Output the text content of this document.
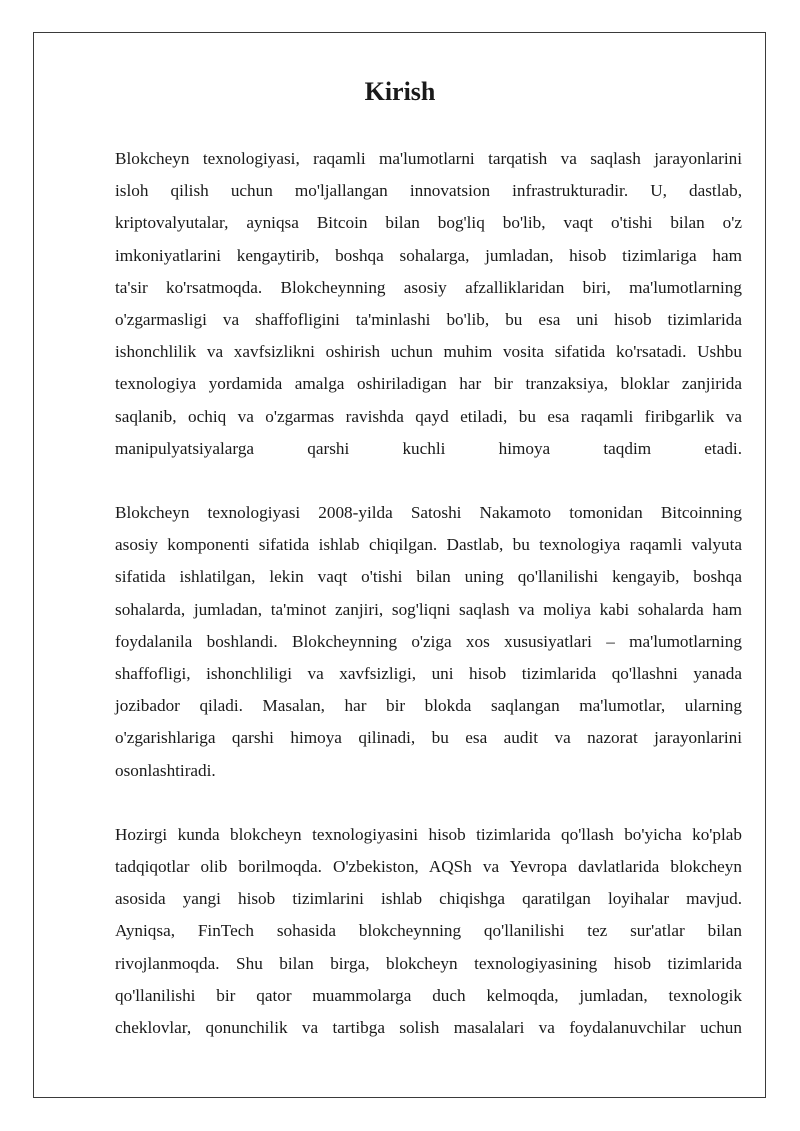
Kirish
Blokcheyn texnologiyasi, raqamli ma'lumotlarni tarqatish va saqlash jarayonlarini
isloh qilish uchun mo'ljallangan innovatsion infrastrukturadir. U, dastlab,
kriptovalyutalar, ayniqsa Bitcoin bilan bog'liq bo'lib, vaqt o'tishi bilan o'z
imkoniyatlarini kengaytirib, boshqa sohalarga, jumladan, hisob tizimlariga ham
ta'sir ko'rsatmoqda. Blokcheynning asosiy afzalliklaridan biri, ma'lumotlarning
o'zgarmasligi va shaffofligini ta'minlashi bo'lib, bu esa uni hisob tizimlarida
ishonchlilik va xavfsizlikni oshirish uchun muhim vosita sifatida ko'rsatadi. Ushbu
texnologiya yordamida amalga oshiriladigan har bir tranzaksiya, bloklar zanjirida
saqlanib, ochiq va o'zgarmas ravishda qayd etiladi, bu esa raqamli firibgarlik va
manipulyatsiyalarga qarshi kuchli himoya taqdim etadi.
Blokcheyn texnologiyasi 2008-yilda Satoshi Nakamoto tomonidan Bitcoinning
asosiy komponenti sifatida ishlab chiqilgan. Dastlab, bu texnologiya raqamli valyuta
sifatida ishlatilgan, lekin vaqt o'tishi bilan uning qo'llanilishi kengayib, boshqa
sohalarda, jumladan, ta'minot zanjiri, sog'liqni saqlash va moliya kabi sohalarda ham
foydalanila boshlandi. Blokcheynning o'ziga xos xususiyatlari – ma'lumotlarning
shaffofligi, ishonchliligi va xavfsizligi, uni hisob tizimlarida qo'llashni yanada
jozibador qiladi. Masalan, har bir blokda saqlangan ma'lumotlar, ularning
o'zgarishlariga qarshi himoya qilinadi, bu esa audit va nazorat jarayonlarini
osonlashtiradi.
Hozirgi kunda blokcheyn texnologiyasini hisob tizimlarida qo'llash bo'yicha ko'plab
tadqiqotlar olib borilmoqda. O'zbekiston, AQSh va Yevropa davlatlarida blokcheyn
asosida yangi hisob tizimlarini ishlab chiqishga qaratilgan loyihalar mavjud.
Ayniqsa, FinTech sohasida blokcheynning qo'llanilishi tez sur'atlar bilan
rivojlanmoqda. Shu bilan birga, blokcheyn texnologiyasining hisob tizimlarida
qo'llanilishi bir qator muammolarga duch kelmoqda, jumladan, texnologik
cheklovlar, qonunchilik va tartibga solish masalalari va foydalanuvchilar uchun
